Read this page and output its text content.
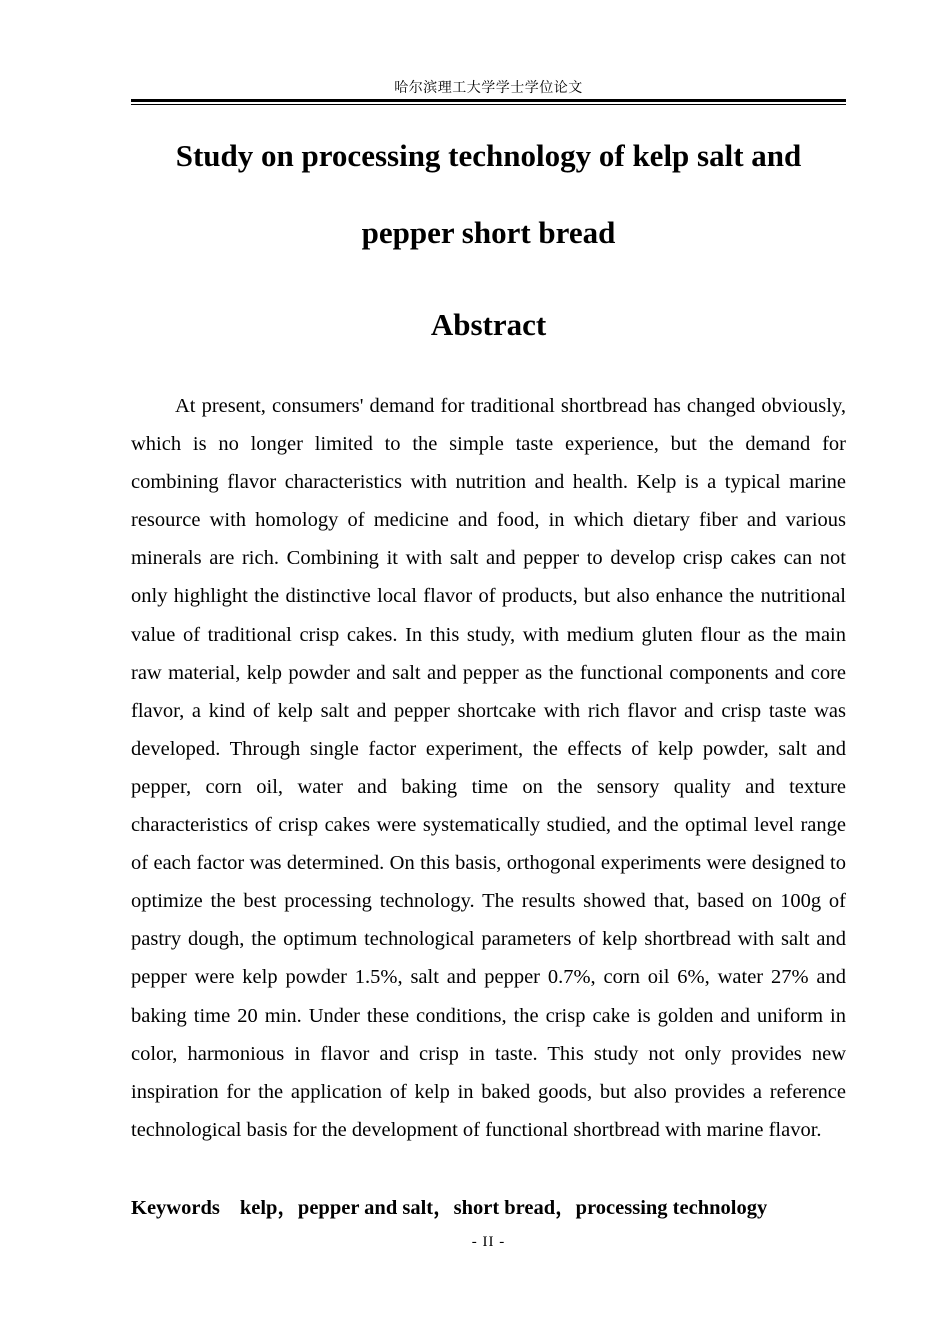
哈尔滨理工大学学士学位论文
Study on processing technology of kelp salt and pepper short bread
Abstract

At present, consumers' demand for traditional shortbread has changed obviously, which is no longer limited to the simple taste experience, but the demand for combining flavor characteristics with nutrition and health. Kelp is a typical marine resource with homology of medicine and food, in which dietary fiber and various minerals are rich. Combining it with salt and pepper to develop crisp cakes can not only highlight the distinctive local flavor of products, but also enhance the nutritional value of traditional crisp cakes. In this study, with medium gluten flour as the main raw material, kelp powder and salt and pepper as the functional components and core flavor, a kind of kelp salt and pepper shortcake with rich flavor and crisp taste was developed. Through single factor experiment, the effects of kelp powder, salt and pepper, corn oil, water and baking time on the sensory quality and texture characteristics of crisp cakes were systematically studied, and the optimal level range of each factor was determined. On this basis, orthogonal experiments were designed to optimize the best processing technology. The results showed that, based on 100g of pastry dough, the optimum technological parameters of kelp shortbread with salt and pepper were kelp powder 1.5%, salt and pepper 0.7%, corn oil 6%, water 27% and baking time 20 min. Under these conditions, the crisp cake is golden and uniform in color, harmonious in flavor and crisp in taste. This study not only provides new inspiration for the application of kelp in baked goods, but also provides a reference technological basis for the development of functional shortbread with marine flavor.

Keywords kelp，pepper and salt，short bread，processing technology

- II -
